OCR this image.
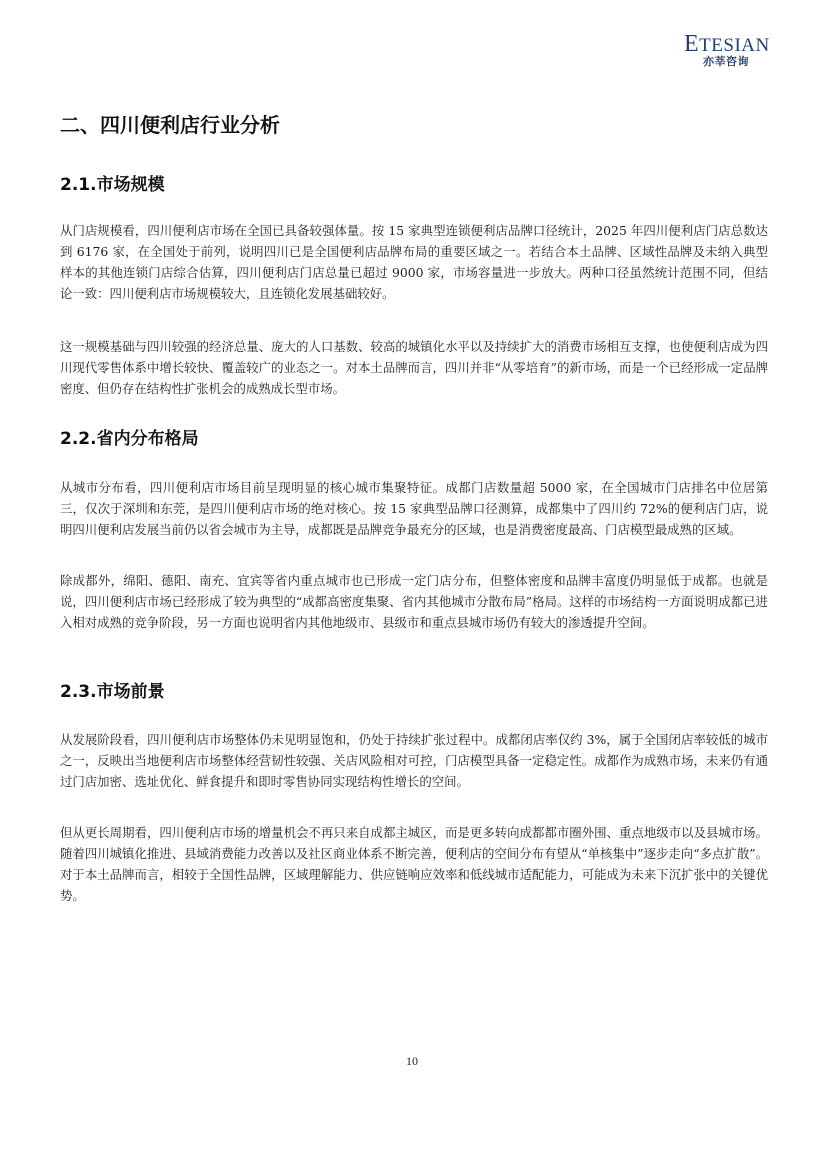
ETESIAN
亦莘咨询
二、四川便利店行业分析
2.1.市场规模

从门店规模看，四川便利店市场在全国已具备较强体量。按 15 家典型连锁便利店品牌口径统计，2025 年四川便利店门店总数达到 6176 家，在全国处于前列，说明四川已是全国便利店品牌布局的重要区域之一。若结合本土品牌、区域性品牌及未纳入典型样本的其他连锁门店综合估算，四川便利店门店总量已超过 9000 家，市场容量进一步放大。两种口径虽然统计范围不同，但结论一致：四川便利店市场规模较大，且连锁化发展基础较好。

这一规模基础与四川较强的经济总量、庞大的人口基数、较高的城镇化水平以及持续扩大的消费市场相互支撑，也使便利店成为四川现代零售体系中增长较快、覆盖较广的业态之一。对本土品牌而言，四川并非“从零培育”的新市场，而是一个已经形成一定品牌密度、但仍存在结构性扩张机会的成熟成长型市场。

2.2.省内分布格局

从城市分布看，四川便利店市场目前呈现明显的核心城市集聚特征。成都门店数量超 5000 家，在全国城市门店排名中位居第三，仅次于深圳和东莞，是四川便利店市场的绝对核心。按 15 家典型品牌口径测算，成都集中了四川约 72%的便利店门店，说明四川便利店发展当前仍以省会城市为主导，成都既是品牌竞争最充分的区域，也是消费密度最高、门店模型最成熟的区域。

除成都外，绵阳、德阳、南充、宜宾等省内重点城市也已形成一定门店分布，但整体密度和品牌丰富度仍明显低于成都。也就是说，四川便利店市场已经形成了较为典型的“成都高密度集聚、省内其他城市分散布局”格局。这样的市场结构一方面说明成都已进入相对成熟的竞争阶段，另一方面也说明省内其他地级市、县级市和重点县城市场仍有较大的渗透提升空间。

2.3.市场前景

从发展阶段看，四川便利店市场整体仍未见明显饱和，仍处于持续扩张过程中。成都闭店率仅约 3%，属于全国闭店率较低的城市之一，反映出当地便利店市场整体经营韧性较强、关店风险相对可控，门店模型具备一定稳定性。成都作为成熟市场，未来仍有通过门店加密、选址优化、鲜食提升和即时零售协同实现结构性增长的空间。

但从更长周期看，四川便利店市场的增量机会不再只来自成都主城区，而是更多转向成都都市圈外围、重点地级市以及县城市场。随着四川城镇化推进、县域消费能力改善以及社区商业体系不断完善，便利店的空间分布有望从“单核集中”逐步走向“多点扩散”。对于本土品牌而言，相较于全国性品牌，区域理解能力、供应链响应效率和低线城市适配能力，可能成为未来下沉扩张中的关键优势。

10
